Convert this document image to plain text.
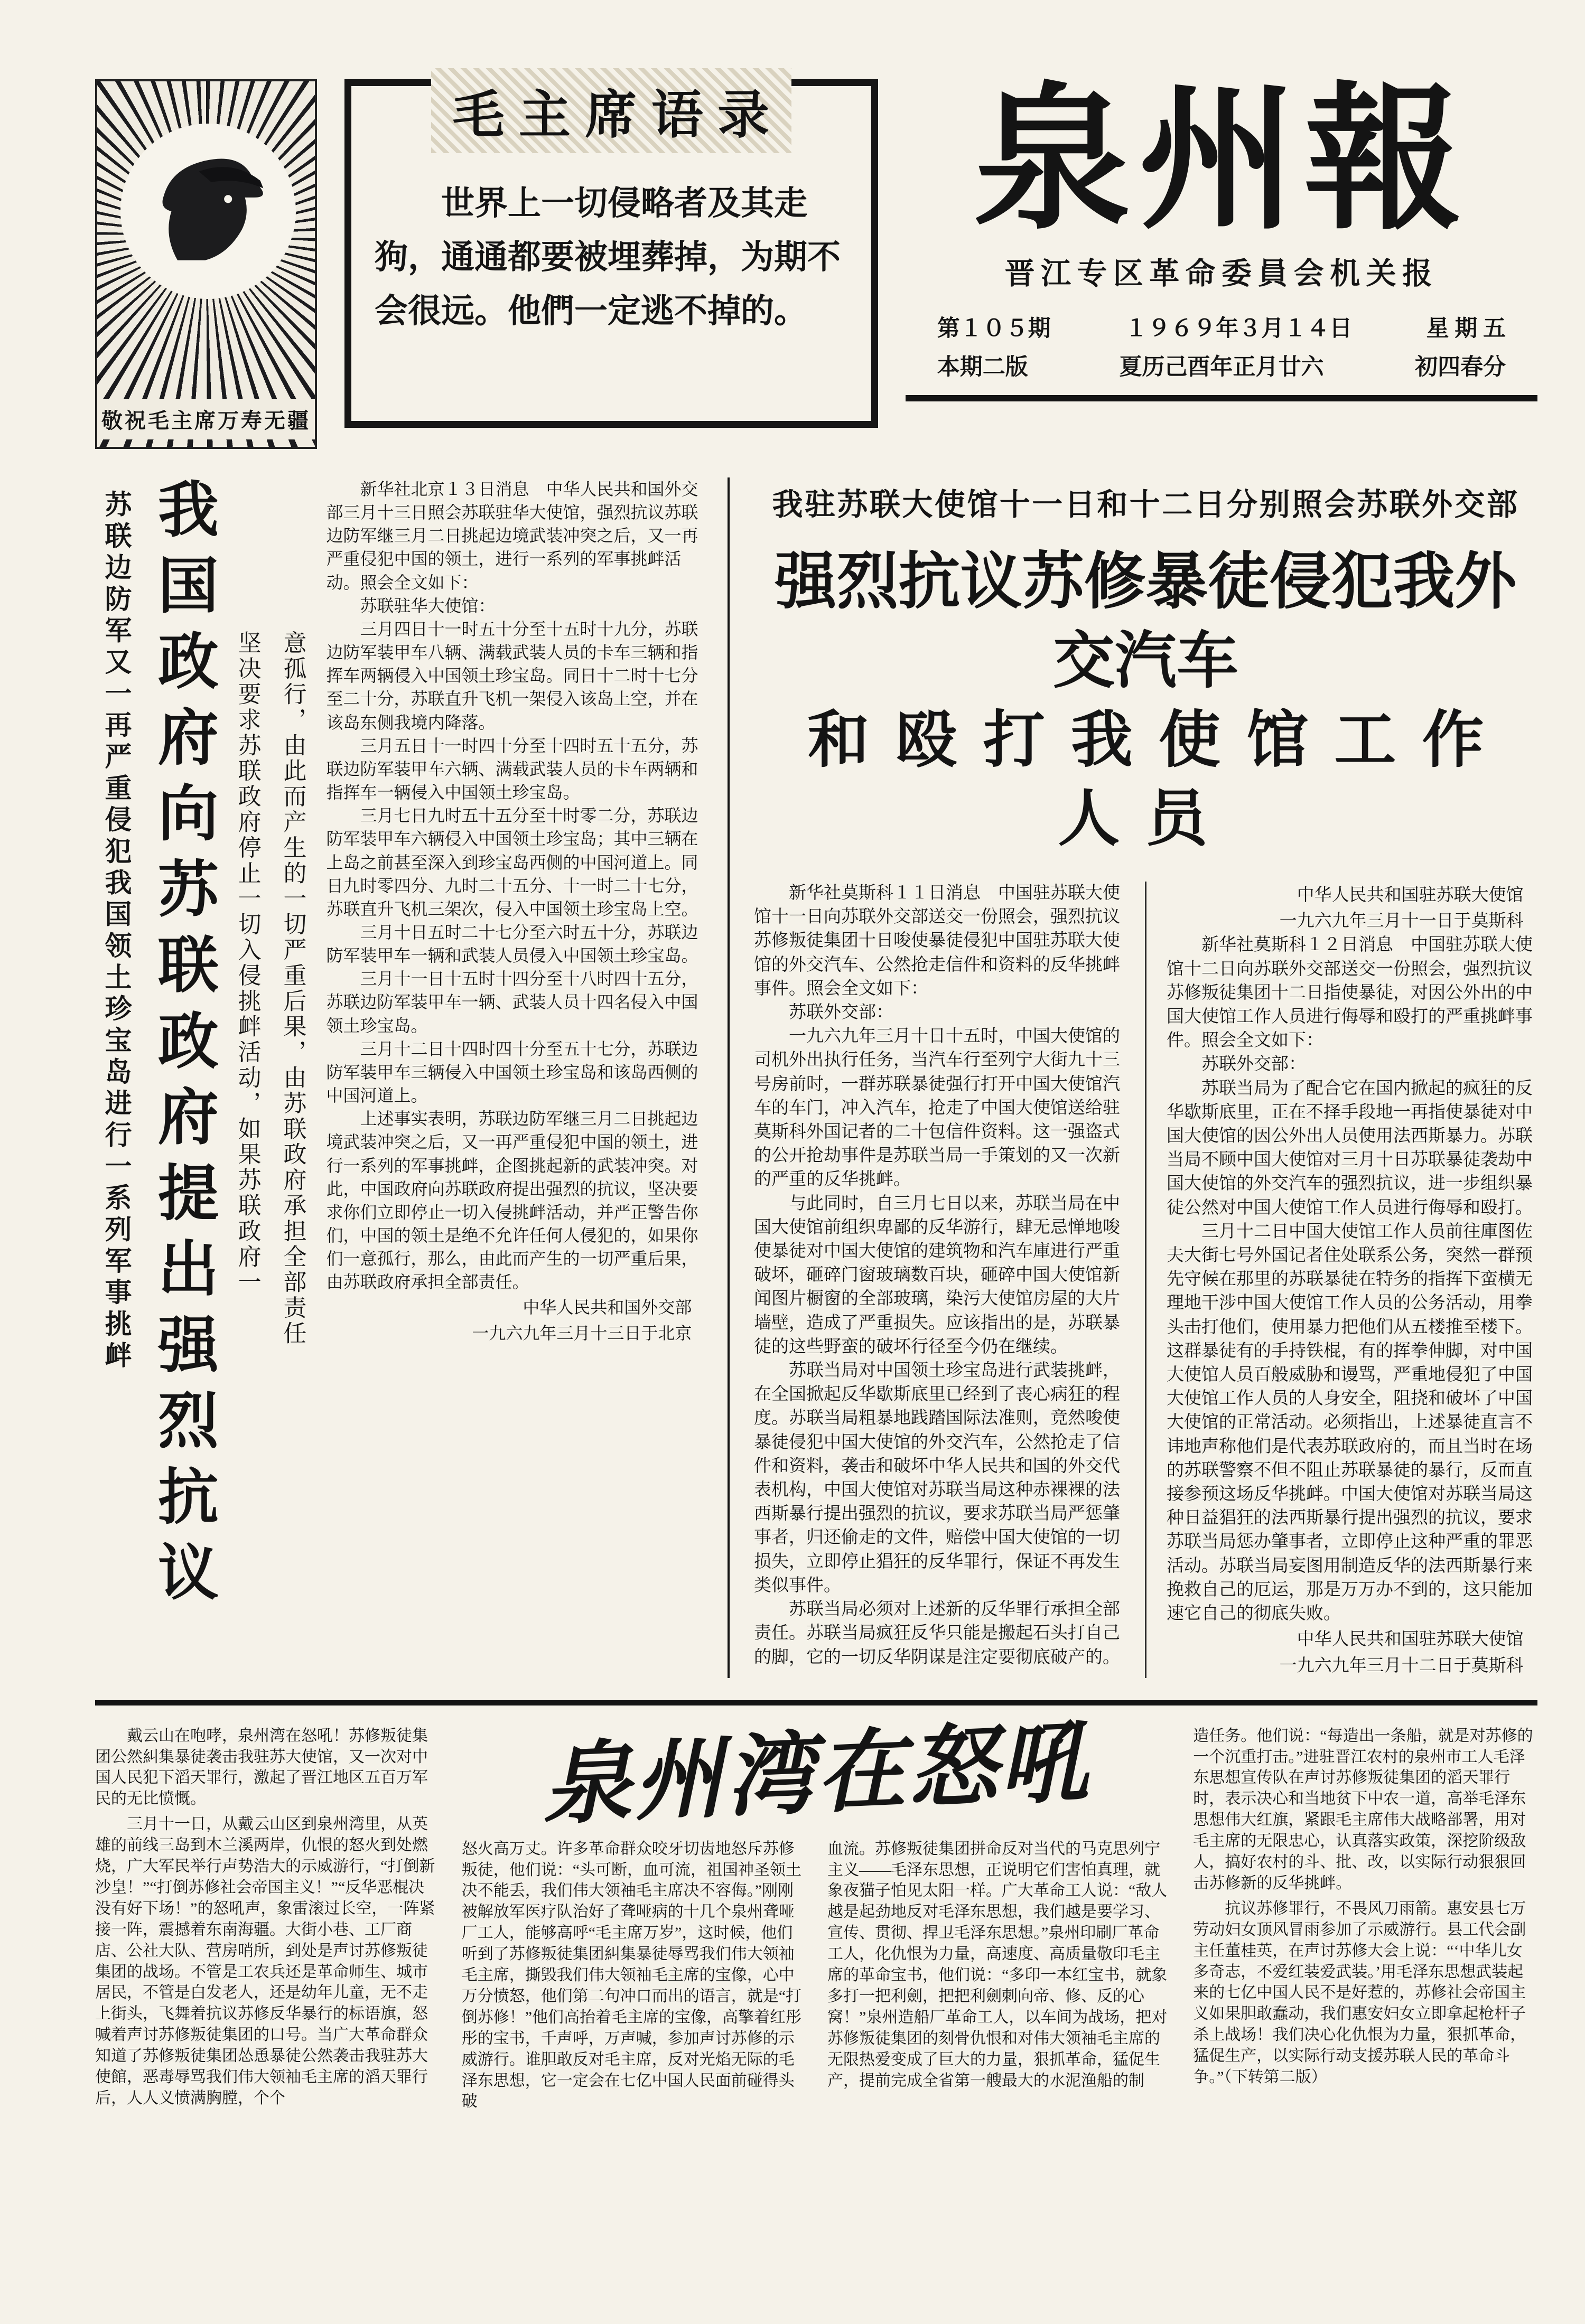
敬祝毛主席万寿无疆
毛主席语录

世界上一切侵略者及其走狗，通通都要被埋葬掉，为期不会很远。他們一定逃不掉的。

泉州報
晋江专区革命委員会机关报
第１０５期	１９６９年３月１４日	星 期 五
本期二版	夏历己酉年正月廿六	初四春分
苏联边防军又一再严重侵犯我国领土珍宝岛进行一系列军事挑衅 我国政府向苏联政府提出强烈抗议 坚决要求苏联政府停止一切入侵挑衅活动，如果苏联政府一 意孤行，由此而产生的一切严重后果，由苏联政府承担全部责任

新华社北京１３日消息　中华人民共和国外交部三月十三日照会苏联驻华大使馆，强烈抗议苏联边防军继三月二日挑起边境武装冲突之后，又一再严重侵犯中国的领土，进行一系列的军事挑衅活动。照会全文如下：

苏联驻华大使馆：

三月四日十一时五十分至十五时十九分，苏联边防军装甲车八辆、满载武装人员的卡车三辆和指挥车两辆侵入中国领土珍宝岛。同日十二时十七分至二十分，苏联直升飞机一架侵入该岛上空，并在该岛东侧我境内降落。

三月五日十一时四十分至十四时五十五分，苏联边防军装甲车六辆、满载武装人员的卡车两辆和指挥车一辆侵入中国领土珍宝岛。

三月七日九时五十五分至十时零二分，苏联边防军装甲车六辆侵入中国领土珍宝岛；其中三辆在上岛之前甚至深入到珍宝岛西侧的中国河道上。同日九时零四分、九时二十五分、十一时二十七分，苏联直升飞机三架次，侵入中国领土珍宝岛上空。

三月十日五时二十七分至六时五十分，苏联边防军装甲车一辆和武装人员侵入中国领土珍宝岛。

三月十一日十五时十四分至十八时四十五分，苏联边防军装甲车一辆、武装人员十四名侵入中国领土珍宝岛。

三月十二日十四时四十分至五十七分，苏联边防军装甲车三辆侵入中国领土珍宝岛和该岛西侧的中国河道上。

上述事实表明，苏联边防军继三月二日挑起边境武装冲突之后，又一再严重侵犯中国的领土，进行一系列的军事挑衅，企图挑起新的武装冲突。对此，中国政府向苏联政府提出强烈的抗议，坚决要求你们立即停止一切入侵挑衅活动，并严正警告你们，中国的领土是绝不允许任何人侵犯的，如果你们一意孤行，那么，由此而产生的一切严重后果，由苏联政府承担全部责任。

中华人民共和国外交部

一九六九年三月十三日于北京

我驻苏联大使馆十一日和十二日分别照会苏联外交部
强烈抗议苏修暴徒侵犯我外交汽车
和殴打我使馆工作人员

新华社莫斯科１１日消息　中国驻苏联大使馆十一日向苏联外交部送交一份照会，强烈抗议苏修叛徒集团十日唆使暴徒侵犯中国驻苏联大使馆的外交汽车、公然抢走信件和资料的反华挑衅事件。照会全文如下：

苏联外交部：

一九六九年三月十日十五时，中国大使馆的司机外出执行任务，当汽车行至列宁大街九十三号房前时，一群苏联暴徒强行打开中国大使馆汽车的车门，冲入汽车，抢走了中国大使馆送给驻莫斯科外国记者的二十包信件资料。这一强盗式的公开抢劫事件是苏联当局一手策划的又一次新的严重的反华挑衅。

与此同时，自三月七日以来，苏联当局在中国大使馆前组织卑鄙的反华游行，肆无忌惮地唆使暴徒对中国大使馆的建筑物和汽车庫进行严重破坏，砸碎门窗玻璃数百块，砸碎中国大使馆新闻图片橱窗的全部玻璃，染污大使馆房屋的大片墙壁，造成了严重损失。应该指出的是，苏联暴徒的这些野蛮的破坏行径至今仍在继续。

苏联当局对中国领土珍宝岛进行武装挑衅，在全国掀起反华歇斯底里已经到了丧心病狂的程度。苏联当局粗暴地践踏国际法准则，竟然唆使暴徒侵犯中国大使馆的外交汽车，公然抢走了信件和资料，袭击和破坏中华人民共和国的外交代表机构，中国大使馆对苏联当局这种赤裸裸的法西斯暴行提出强烈的抗议，要求苏联当局严惩肇事者，归还偷走的文件，赔偿中国大使馆的一切损失，立即停止猖狂的反华罪行，保证不再发生类似事件。

苏联当局必须对上述新的反华罪行承担全部责任。苏联当局疯狂反华只能是搬起石头打自己的脚，它的一切反华阴谋是注定要彻底破产的。

中华人民共和国驻苏联大使馆

一九六九年三月十一日于莫斯科

新华社莫斯科１２日消息　中国驻苏联大使馆十二日向苏联外交部送交一份照会，强烈抗议苏修叛徒集团十二日指使暴徒，对因公外出的中国大使馆工作人员进行侮辱和殴打的严重挑衅事件。照会全文如下：

苏联外交部：

苏联当局为了配合它在国内掀起的疯狂的反华歇斯底里，正在不择手段地一再指使暴徒对中国大使馆的因公外出人员使用法西斯暴力。苏联当局不顾中国大使馆对三月十日苏联暴徒袭劫中国大使馆的外交汽车的强烈抗议，进一步组织暴徒公然对中国大使馆工作人员进行侮辱和殴打。

三月十二日中国大使馆工作人员前往庫图佐夫大街七号外国记者住处联系公务，突然一群预先守候在那里的苏联暴徒在特务的指挥下蛮横无理地干涉中国大使馆工作人员的公务活动，用拳头击打他们，使用暴力把他们从五楼推至楼下。这群暴徒有的手持铁棍，有的挥拳伸脚，对中国大使馆人员百般威胁和谩骂，严重地侵犯了中国大使馆工作人员的人身安全，阻挠和破坏了中国大使馆的正常活动。必须指出，上述暴徒直言不讳地声称他们是代表苏联政府的，而且当时在场的苏联警察不但不阻止苏联暴徒的暴行，反而直接参预这场反华挑衅。中国大使馆对苏联当局这种日益猖狂的法西斯暴行提出强烈的抗议，要求苏联当局惩办肇事者，立即停止这种严重的罪恶活动。苏联当局妄图用制造反华的法西斯暴行来挽救自己的厄运，那是万万办不到的，这只能加速它自己的彻底失败。

中华人民共和国驻苏联大使馆

一九六九年三月十二日于莫斯科

戴云山在咆哮，泉州湾在怒吼！苏修叛徒集团公然糾集暴徒袭击我驻苏大使馆，又一次对中国人民犯下滔天罪行，激起了晋江地区五百万军民的无比愤慨。

三月十一日，从戴云山区到泉州湾里，从英雄的前线三岛到木兰溪两岸，仇恨的怒火到处燃烧，广大军民举行声势浩大的示威游行，“打倒新沙皇！”“打倒苏修社会帝国主义！”“反华恶棍决没有好下场！”的怒吼声，象雷滚过长空，一阵紧接一阵，震撼着东南海疆。大街小巷、工厂商店、公社大队、营房哨所，到处是声讨苏修叛徒集团的战场。不管是工农兵还是革命师生、城市居民，不管是白发老人，还是幼年儿童，无不走上街头，飞舞着抗议苏修反华暴行的标语旗，怒喊着声讨苏修叛徒集团的口号。当广大革命群众知道了苏修叛徒集团怂恿暴徒公然袭击我驻苏大使館，恶毒辱骂我们伟大领袖毛主席的滔天罪行后，人人义愤满胸膛，个个

泉州湾在怒吼

怒火高万丈。许多革命群众咬牙切齿地怒斥苏修叛徒，他们说：“头可断，血可流，祖国神圣领土决不能丢，我们伟大领袖毛主席决不容侮。”刚刚被解放军医疗队治好了聋哑病的十几个泉州聋哑厂工人，能够高呼“毛主席万岁”，这时候，他们听到了苏修叛徒集团糾集暴徒辱骂我们伟大领袖毛主席，撕毁我们伟大领袖毛主席的宝像，心中万分愤怒，他们第二句冲口而出的语言，就是“打倒苏修！”他们高抬着毛主席的宝像，高擎着红彤彤的宝书，千声呼，万声喊，参加声讨苏修的示威游行。谁胆敢反对毛主席，反对光焰无际的毛泽东思想，它一定会在七亿中国人民面前碰得头破

血流。苏修叛徒集团拼命反对当代的马克思列宁主义——毛泽东思想，正说明它们害怕真理，就象夜猫子怕见太阳一样。广大革命工人说：“敌人越是起劲地反对毛泽东思想，我们越是要学习、宣传、贯彻、捍卫毛泽东思想。”泉州印刷厂革命工人，化仇恨为力量，高速度、高质量敬印毛主席的革命宝书，他们说：“多印一本红宝书，就象多打一把利劍，把把利劍刺向帝、修、反的心窝！”泉州造船厂革命工人，以车间为战场，把对苏修叛徒集团的刻骨仇恨和对伟大领袖毛主席的无限热爱变成了巨大的力量，狠抓革命，猛促生产，提前完成全省第一艘最大的水泥渔船的制

造任务。他们说：“每造出一条船，就是对苏修的一个沉重打击。”进驻晋江农村的泉州市工人毛泽东思想宣传队在声讨苏修叛徒集团的滔天罪行时，表示决心和当地贫下中农一道，高举毛泽东思想伟大红旗，紧跟毛主席伟大战略部署，用对毛主席的无限忠心，认真落实政策，深挖阶级敌人，搞好农村的斗、批、改，以实际行动狠狠回击苏修新的反华挑衅。

抗议苏修罪行，不畏风刀雨箭。惠安县七万劳动妇女顶风冒雨参加了示威游行。县工代会副主任董桂英，在声讨苏修大会上说：“‘中华儿女多奇志，不爱红装爱武装。’用毛泽东思想武装起来的七亿中国人民不是好惹的，苏修社会帝国主义如果胆敢蠢动，我们惠安妇女立即拿起枪杆子杀上战场！我们决心化仇恨为力量，狠抓革命，猛促生产，以实际行动支援苏联人民的革命斗争。”（下转第二版）
